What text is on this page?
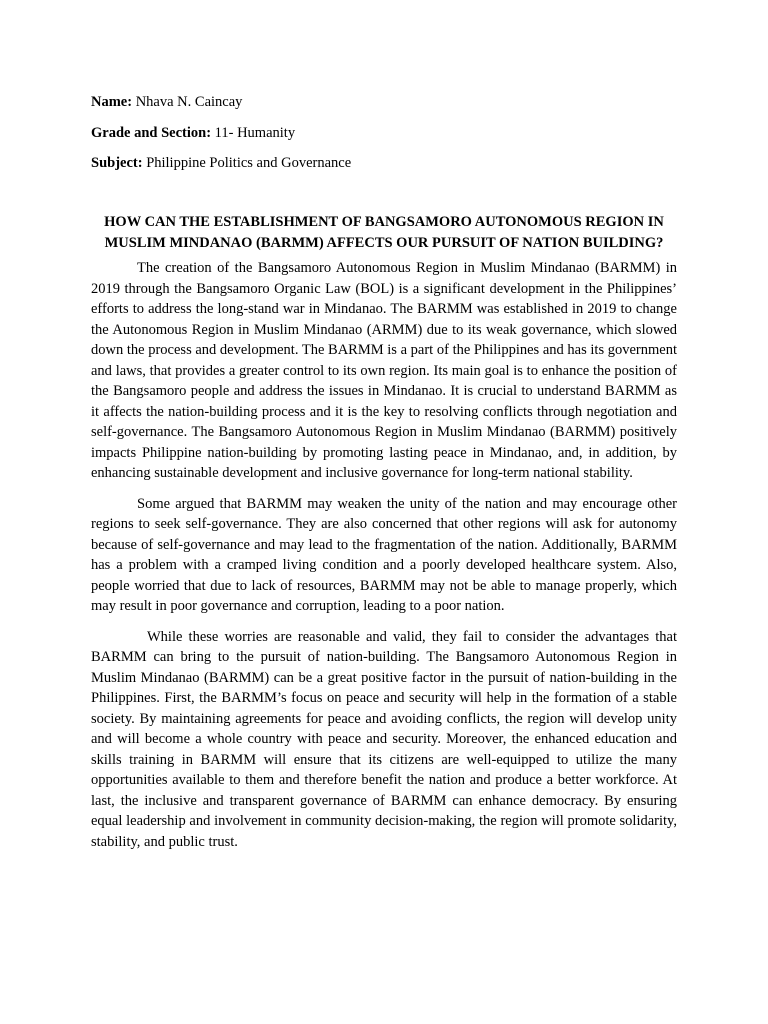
Name: Nhava N. Caincay
Grade and Section: 11- Humanity
Subject: Philippine Politics and Governance
HOW CAN THE ESTABLISHMENT OF BANGSAMORO AUTONOMOUS REGION IN
MUSLIM MINDANAO (BARMM) AFFECTS OUR PURSUIT OF NATION BUILDING?

The creation of the Bangsamoro Autonomous Region in Muslim Mindanao (BARMM) in 2019 through the Bangsamoro Organic Law (BOL) is a significant development in the Philippines’ efforts to address the long-stand war in Mindanao. The BARMM was established in 2019 to change the Autonomous Region in Muslim Mindanao (ARMM) due to its weak governance, which slowed down the process and development. The BARMM is a part of the Philippines and has its government and laws, that provides a greater control to its own region. Its main goal is to enhance the position of the Bangsamoro people and address the issues in Mindanao. It is crucial to understand BARMM as it affects the nation-building process and it is the key to resolving conflicts through negotiation and self-governance. The Bangsamoro Autonomous Region in Muslim Mindanao (BARMM) positively impacts Philippine nation-building by promoting lasting peace in Mindanao, and, in addition, by enhancing sustainable development and inclusive governance for long-term national stability.

Some argued that BARMM may weaken the unity of the nation and may encourage other regions to seek self-governance. They are also concerned that other regions will ask for autonomy because of self-governance and may lead to the fragmentation of the nation. Additionally, BARMM has a problem with a cramped living condition and a poorly developed healthcare system. Also, people worried that due to lack of resources, BARMM may not be able to manage properly, which may result in poor governance and corruption, leading to a poor nation.

While these worries are reasonable and valid, they fail to consider the advantages that BARMM can bring to the pursuit of nation-building. The Bangsamoro Autonomous Region in Muslim Mindanao (BARMM) can be a great positive factor in the pursuit of nation-building in the Philippines. First, the BARMM’s focus on peace and security will help in the formation of a stable society. By maintaining agreements for peace and avoiding conflicts, the region will develop unity and will become a whole country with peace and security. Moreover, the enhanced education and skills training in BARMM will ensure that its citizens are well-equipped to utilize the many opportunities available to them and therefore benefit the nation and produce a better workforce. At last, the inclusive and transparent governance of BARMM can enhance democracy. By ensuring equal leadership and involvement in community decision-making, the region will promote solidarity, stability, and public trust.
